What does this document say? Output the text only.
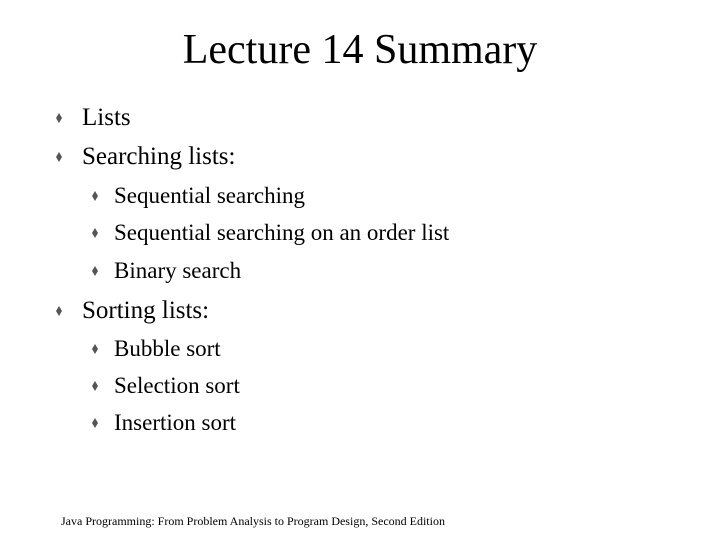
Lecture 14 Summary
Lists
Searching lists:
Sequential searching
Sequential searching on an order list
Binary search
Sorting lists:
Bubble sort
Selection sort
Insertion sort
Java Programming: From Problem Analysis to Program Design, Second Edition
